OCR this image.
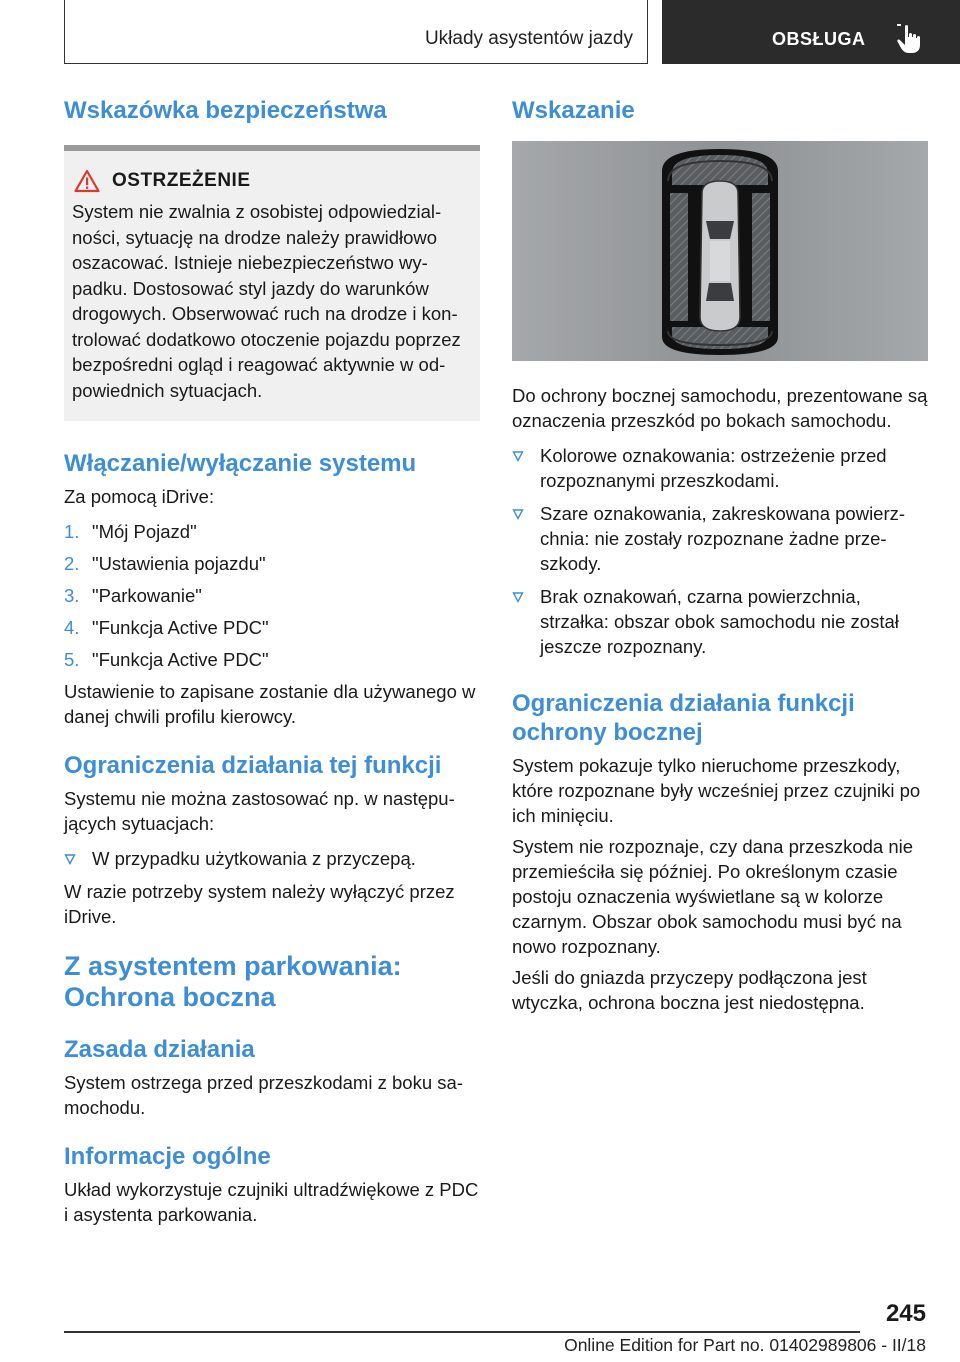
Układy asystentów jazdy	OBSŁUGA
Wskazówka bezpieczeństwa
OSTRZEŻENIE

System nie zwalnia z osobistej odpowiedzialności, sytuację na drodze należy prawidłowo oszacować. Istnieje niebezpieczeństwo wypadku. Dostosować styl jazdy do warunków drogowych. Obserwować ruch na drodze i kontrolować dodatkowo otoczenie pojazdu poprzez bezpośredni ogląd i reagować aktywnie w odpowiednich sytuacjach.

Włączanie/wyłączanie systemu

Za pomocą iDrive:

1. "Mój Pojazd"
2. "Ustawienia pojazdu"
3. "Parkowanie"
4. "Funkcja Active PDC"
5. "Funkcja Active PDC"

Ustawienie to zapisane zostanie dla używanego w danej chwili profilu kierowcy.

Ograniczenia działania tej funkcji

Systemu nie można zastosować np. w następujących sytuacjach:

W przypadku użytkowania z przyczepą.

W razie potrzeby system należy wyłączyć przez iDrive.

Z asystentem parkowania: Ochrona boczna
Zasada działania

System ostrzega przed przeszkodami z boku samochodu.

Informacje ogólne

Układ wykorzystuje czujniki ultradźwiękowe z PDC i asystenta parkowania.

Wskazanie

Do ochrony bocznej samochodu, prezentowane są oznaczenia przeszkód po bokach samochodu.

Kolorowe oznakowania: ostrzeżenie przed rozpoznanymi przeszkodami.
Szare oznakowania, zakreskowana powierzchnia: nie zostały rozpoznane żadne przeszkody.
Brak oznakowań, czarna powierzchnia, strzałka: obszar obok samochodu nie został jeszcze rozpoznany.
Ograniczenia działania funkcji ochrony bocznej

System pokazuje tylko nieruchome przeszkody, które rozpoznane były wcześniej przez czujniki po ich minięciu.

System nie rozpoznaje, czy dana przeszkoda nie przemieściła się później. Po określonym czasie postoju oznaczenia wyświetlane są w kolorze czarnym. Obszar obok samochodu musi być na nowo rozpoznany.

Jeśli do gniazda przyczepy podłączona jest wtyczka, ochrona boczna jest niedostępna.

245
Online Edition for Part no. 01402989806 - II/18
